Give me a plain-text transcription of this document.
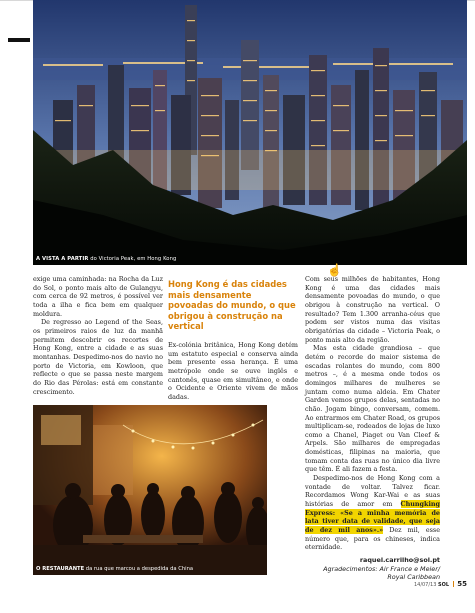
A VISTA A PARTIR do Victoria Peak, em Hong Kong

exige uma caminhada: na Rocha da Luz do Sol, o ponto mais alto de Gulangyu, com cerca de 92 metros, é possível ver toda a ilha e fica bem em qualquer moldura.

De regresso ao Legend of the Seas, os primeiros raios de luz da manhã permitem descobrir os recortes de Hong Kong, entre a cidade e as suas montanhas. Despedimo-nos do navio no porto de Victoria, em Kowloon, que reflecte o que se passa neste margem do Rio das Pérolas: está em constante crescimento.

O RESTAURANTE da rua que marcou a despedida da China
Hong Kong é das cidades mais densamente povoadas do mundo, o que obrigou à construção na vertical

Ex-colónia britânica, Hong Kong detém um estatuto especial e conserva ainda bem presente essa herança. É uma metrópole onde se ouve inglês e cantonês, quase em simultâneo, e onde o Ocidente e Oriente vivem de mãos dadas.

Com seus milhões de habitantes, Hong Kong é uma das cidades mais densamente povoadas do mundo, o que obrigou à construção na vertical. O resultado? Tem 1.300 arranha-céus que podem ser vistos numa das visitas obrigatórias da cidade – Victoria Peak, o ponto mais alto da região.

Mas esta cidade grandiosa – que detém o recorde do maior sistema de escadas rolantes do mundo, com 800 metros –, é a mesma onde todos os domingos milhares de mulheres se juntam como numa aldeia. Em Chater Garden vemos grupos delas, sentadas no chão. Jogam bingo, conversam, comem. Ao entrarmos em Chater Road, os grupos multiplicam-se, rodeados de lojas de luxo como a Chanel, Piaget ou Van Cleef & Arpels. São milhares de empregadas domésticas, filipinas na maioria, que tomam conta das ruas no único dia livre que têm. É ali fazem a festa.

Despedimo-nos de Hong Kong com a vontade de voltar. Talvez ficar. Recordamos Wong Kar-Wai e as suas histórias de amor em Chungking Express: «Se a minha memória de lata tiver data de validade, que seja de dez mil anos».» Dez mil, esse número que, para os chineses, indica eternidade.

raquel.carrilho@sol.pt
Agradecimentos: Air France e Meier/ Royal Caribbean
☝
14/07/13 SOL 55
